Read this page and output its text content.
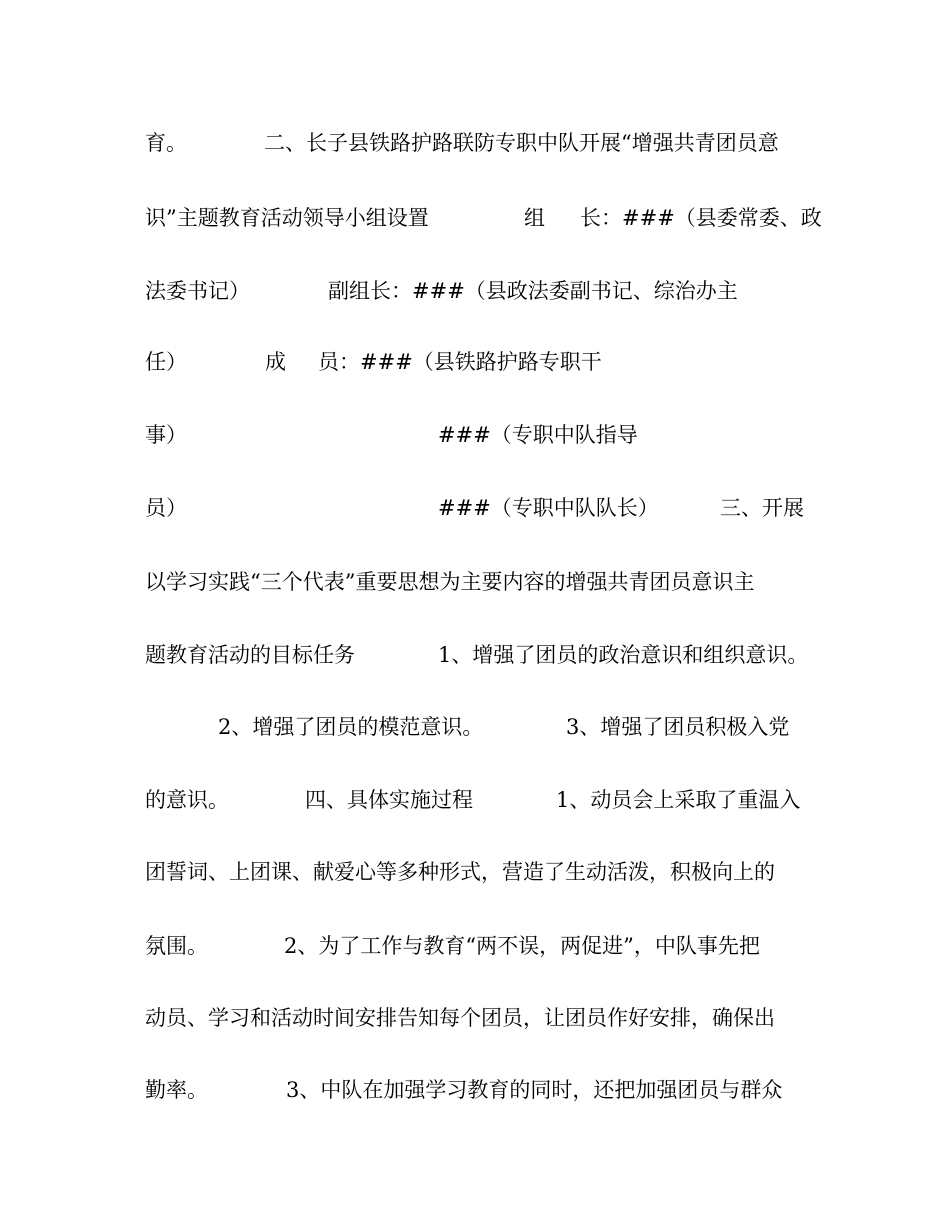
育。

	二、长子县铁路护路联防专职中队开展“增强共青团员意

识”主题教育活动领导小组设置

	组

长：###（县委常委、政

法委书记）

	副组长：###（县政法委副书记、综治办主

任）

	成

员：###（县铁路护路专职干

事）

	###（专职中队指导

员）

	###（专职中队队长）

	三、开展

以学习实践“三个代表”重要思想为主要内容的增强共青团员意识主

题教育活动的目标任务

	1、增强了团员的政治意识和组织意识。

2、增强了团员的模范意识。

	3、增强了团员积极入党

的意识。

	四、具体实施过程

	1、动员会上采取了重温入

团誓词、上团课、献爱心等多种形式，营造了生动活泼，积极向上的

氛围。

	2、为了工作与教育“两不误，两促进”，中队事先把

动员、学习和活动时间安排告知每个团员，让团员作好安排，确保出

勤率。

	3、中队在加强学习教育的同时，还把加强团员与群众
